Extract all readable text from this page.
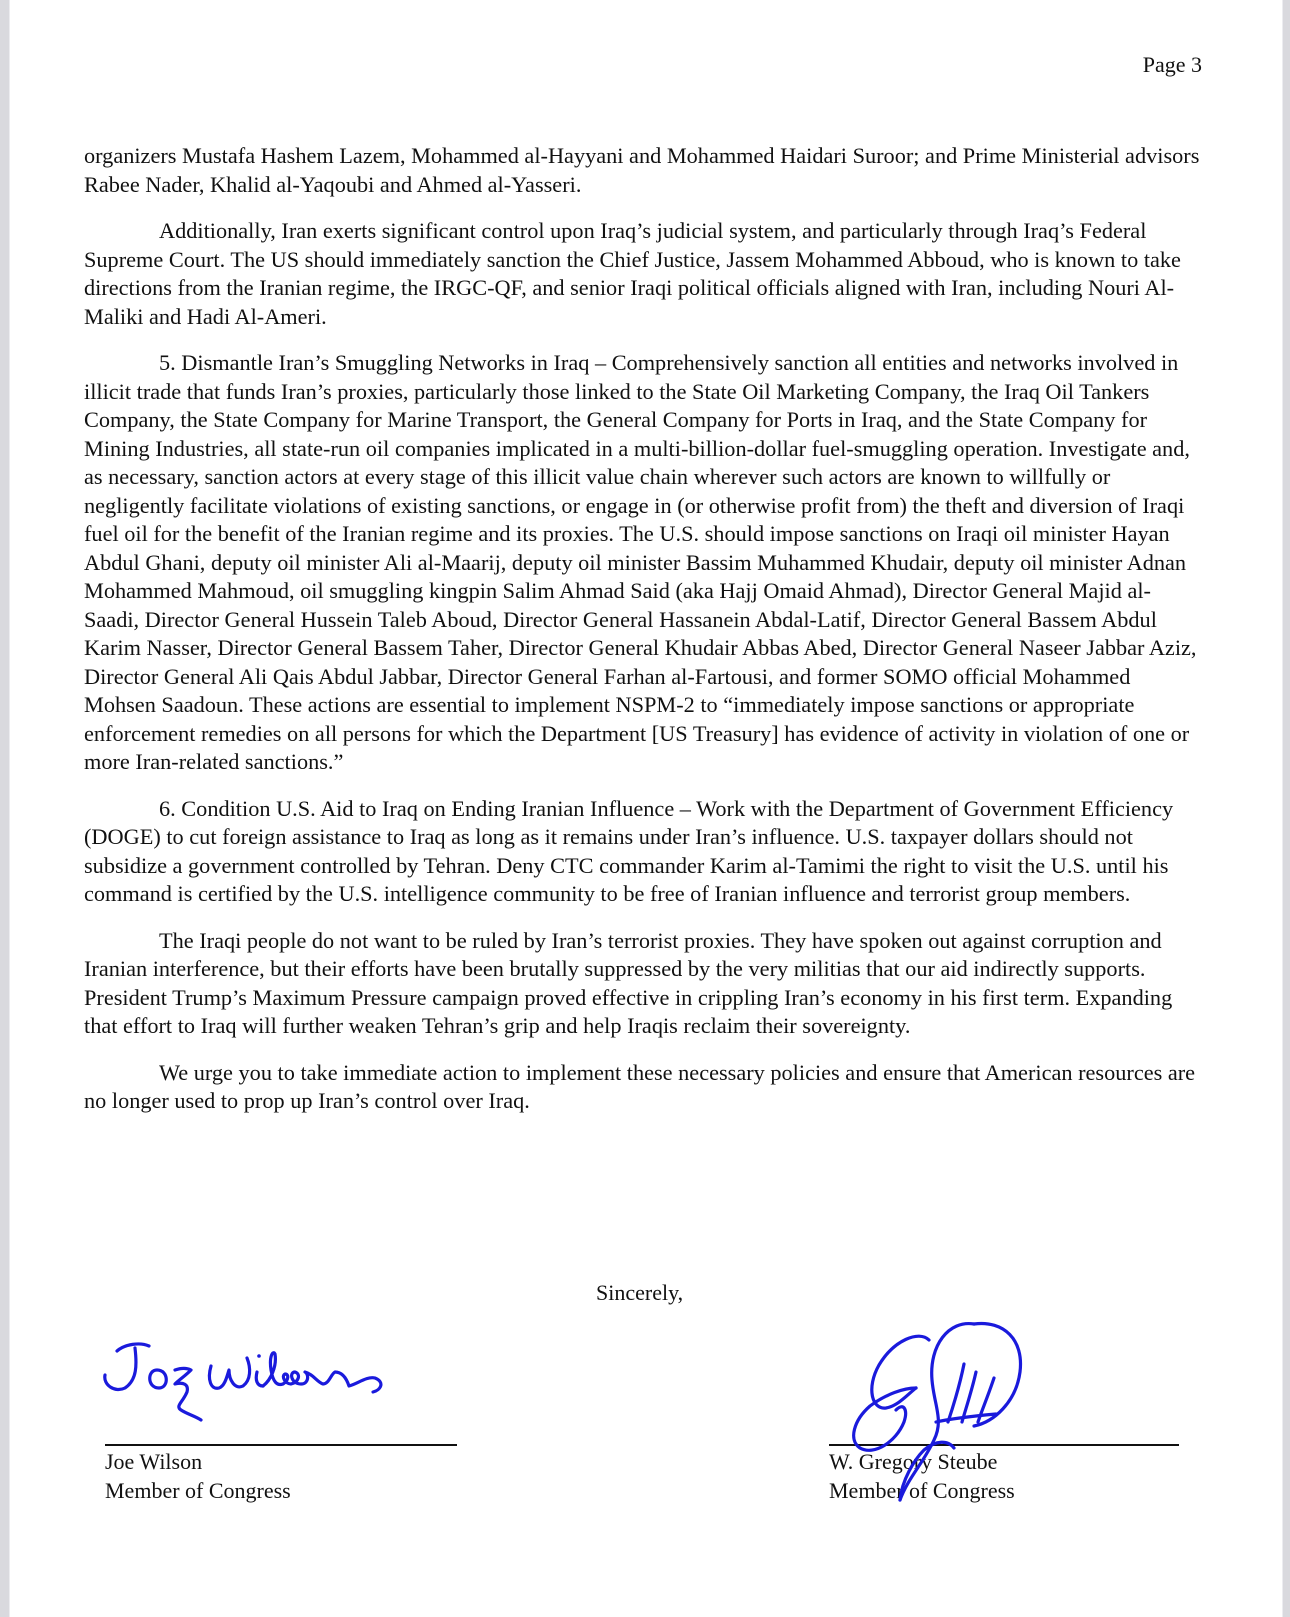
Page 3

organizers Mustafa Hashem Lazem, Mohammed al-Hayyani and Mohammed Haidari Suroor; and Prime Ministerial advisors Rabee Nader, Khalid al-Yaqoubi and Ahmed al-Yasseri.

Additionally, Iran exerts significant control upon Iraq’s judicial system, and particularly through Iraq’s Federal Supreme Court. The US should immediately sanction the Chief Justice, Jassem Mohammed Abboud, who is known to take directions from the Iranian regime, the IRGC-QF, and senior Iraqi political officials aligned with Iran, including Nouri Al-Maliki and Hadi Al-Ameri.

5. Dismantle Iran’s Smuggling Networks in Iraq – Comprehensively sanction all entities and networks involved in illicit trade that funds Iran’s proxies, particularly those linked to the State Oil Marketing Company, the Iraq Oil Tankers Company, the State Company for Marine Transport, the General Company for Ports in Iraq, and the State Company for Mining Industries, all state-run oil companies implicated in a multi-billion-dollar fuel-smuggling operation. Investigate and, as necessary, sanction actors at every stage of this illicit value chain wherever such actors are known to willfully or negligently facilitate violations of existing sanctions, or engage in (or otherwise profit from) the theft and diversion of Iraqi fuel oil for the benefit of the Iranian regime and its proxies. The U.S. should impose sanctions on Iraqi oil minister Hayan Abdul Ghani, deputy oil minister Ali al-Maarij, deputy oil minister Bassim Muhammed Khudair, deputy oil minister Adnan Mohammed Mahmoud, oil smuggling kingpin Salim Ahmad Said (aka Hajj Omaid Ahmad), Director General Majid al-Saadi, Director General Hussein Taleb Aboud, Director General Hassanein Abdal-Latif, Director General Bassem Abdul Karim Nasser, Director General Bassem Taher, Director General Khudair Abbas Abed, Director General Naseer Jabbar Aziz, Director General Ali Qais Abdul Jabbar, Director General Farhan al-Fartousi, and former SOMO official Mohammed Mohsen Saadoun. These actions are essential to implement NSPM-2 to “immediately impose sanctions or appropriate enforcement remedies on all persons for which the Department [US Treasury] has evidence of activity in violation of one or more Iran-related sanctions.”

6. Condition U.S. Aid to Iraq on Ending Iranian Influence – Work with the Department of Government Efficiency (DOGE) to cut foreign assistance to Iraq as long as it remains under Iran’s influence. U.S. taxpayer dollars should not subsidize a government controlled by Tehran. Deny CTC commander Karim al-Tamimi the right to visit the U.S. until his command is certified by the U.S. intelligence community to be free of Iranian influence and terrorist group members.

The Iraqi people do not want to be ruled by Iran’s terrorist proxies. They have spoken out against corruption and Iranian interference, but their efforts have been brutally suppressed by the very militias that our aid indirectly supports. President Trump’s Maximum Pressure campaign proved effective in crippling Iran’s economy in his first term. Expanding that effort to Iraq will further weaken Tehran’s grip and help Iraqis reclaim their sovereignty.

We urge you to take immediate action to implement these necessary policies and ensure that American resources are no longer used to prop up Iran’s control over Iraq.

Sincerely,
Joe Wilson
Member of Congress
W. Gregory Steube
Member of Congress
